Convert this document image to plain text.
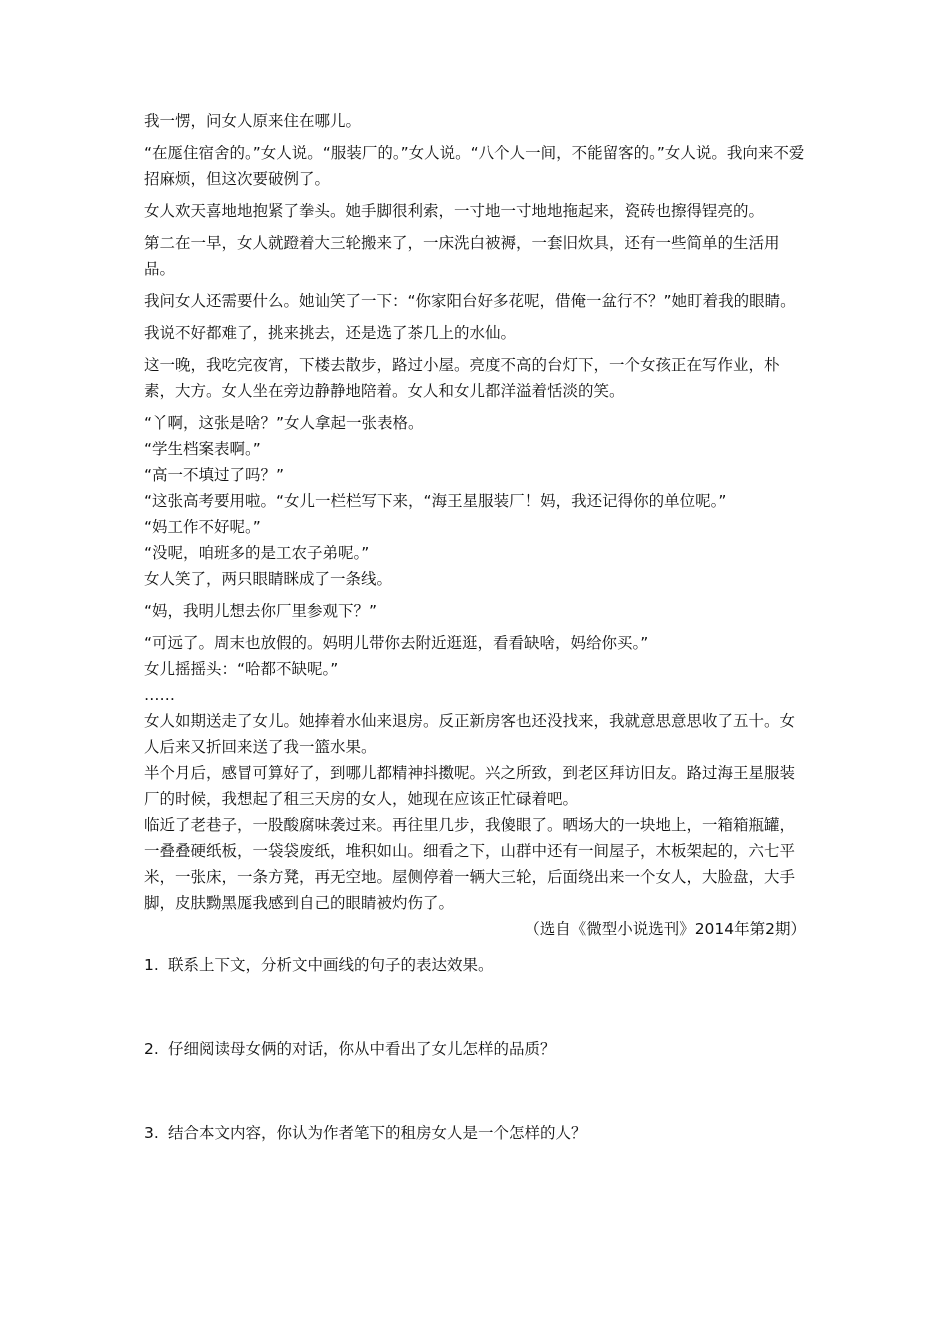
我一愣，问女人原来住在哪儿。

“在厖住宿舍的。”女人说。“服装厂的。”女人说。“八个人一间，不能留客的。”女人说。我向来不爱招麻烦，但这次要破例了。

女人欢天喜地地抱紧了拳头。她手脚很利索，一寸地一寸地地拖起来，瓷砖也擦得锃亮的。

第二在一早，女人就蹬着大三轮搬来了，一床洗白被褥，一套旧炊具，还有一些简单的生活用品。

我问女人还需要什么。她讪笑了一下：“你家阳台好多花呢，借俺一盆行不？”她盯着我的眼睛。

我说不好都难了，挑来挑去，还是选了茶几上的水仙。

这一晚，我吃完夜宵，下楼去散步，路过小屋。亮度不高的台灯下，一个女孩正在写作业，朴素，大方。女人坐在旁边静静地陪着。女人和女儿都洋溢着恬淡的笑。

“丫啊，这张是啥？”女人拿起一张表格。

“学生档案表啊。”

“高一不填过了吗？”

“这张高考要用啦。“女儿一栏栏写下来，“海王星服装厂！妈，我还记得你的单位呢。”

“妈工作不好呢。”

“没呢，咱班多的是工农子弟呢。”

女人笑了，两只眼睛眯成了一条线。

“妈，我明儿想去你厂里参观下？”

“可远了。周末也放假的。妈明儿带你去附近逛逛，看看缺啥，妈给你买。”

女儿摇摇头：“哈都不缺呢。”

……

女人如期送走了女儿。她捧着水仙来退房。反正新房客也还没找来，我就意思意思收了五十。女人后来又折回来送了我一篮水果。

半个月后，感冒可算好了，到哪儿都精神抖擞呢。兴之所致，到老区拜访旧友。路过海王星服装厂的时候，我想起了租三天房的女人，她现在应该正忙碌着吧。

临近了老巷子，一股酸腐味袭过来。再往里几步，我傻眼了。晒场大的一块地上，一箱箱瓶罐，一叠叠硬纸板，一袋袋废纸，堆积如山。细看之下，山群中还有一间屋子，木板架起的，六七平米，一张床，一条方凳，再无空地。屋侧停着一辆大三轮，后面绕出来一个女人，大脸盘，大手脚，皮肤黝黑厖我感到自己的眼睛被灼伤了。

（选自《微型小说选刊》2014年第2期）

1. 联系上下文，分析文中画线的句子的表达效果。
2. 仔细阅读母女俩的对话，你从中看出了女儿怎样的品质？
3. 结合本文内容，你认为作者笔下的租房女人是一个怎样的人？
